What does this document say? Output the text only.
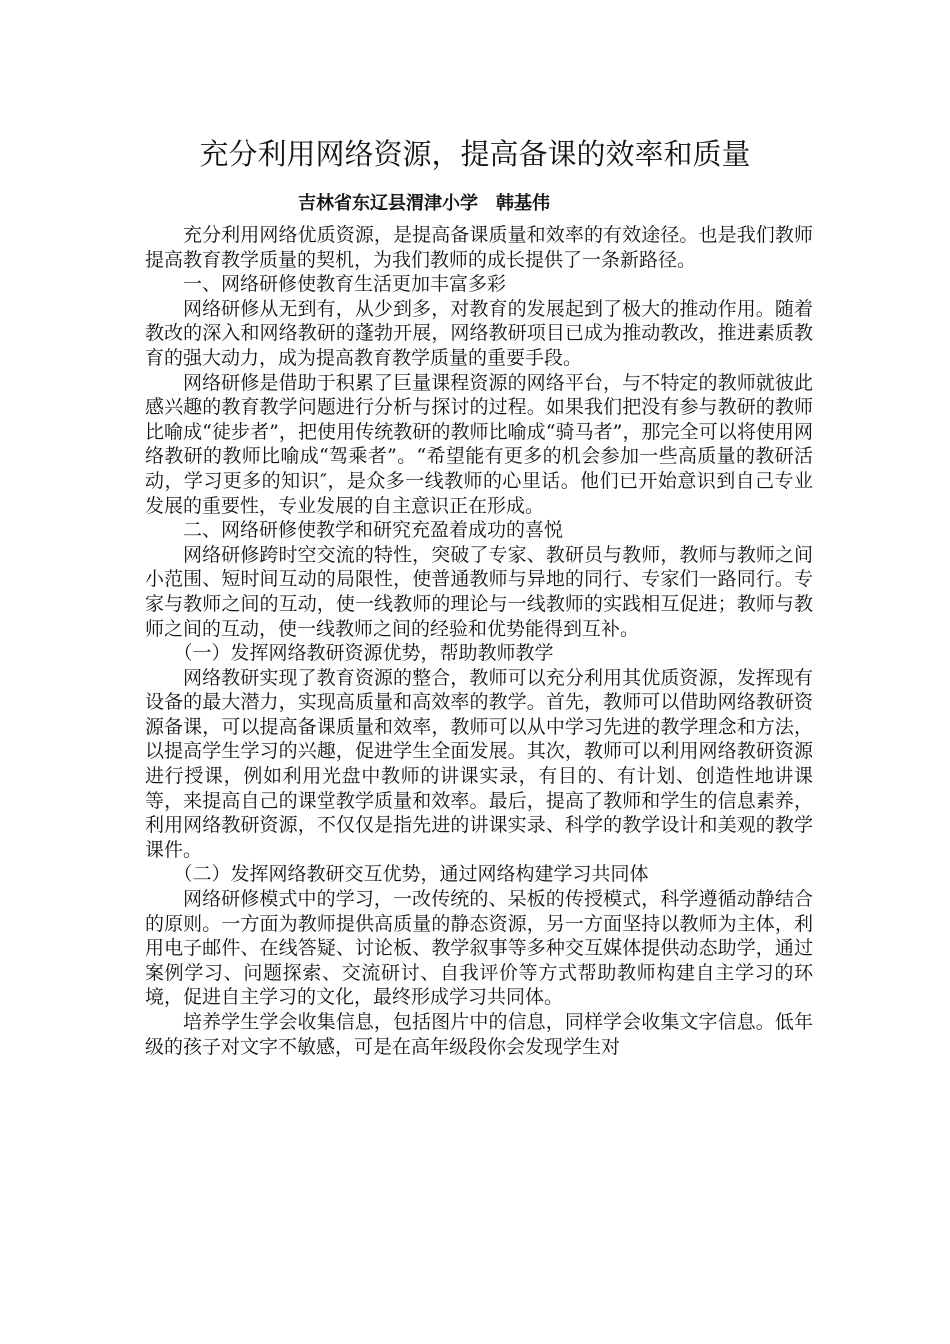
充分利用网络资源，提高备课的效率和质量
吉林省东辽县渭津小学　韩基伟

充分利用网络优质资源，是提高备课质量和效率的有效途径。也是我们教师提高教育教学质量的契机，为我们教师的成长提供了一条新路径。

一、网络研修使教育生活更加丰富多彩

网络研修从无到有，从少到多，对教育的发展起到了极大的推动作用。随着教改的深入和网络教研的蓬勃开展，网络教研项目已成为推动教改，推进素质教育的强大动力，成为提高教育教学质量的重要手段。

网络研修是借助于积累了巨量课程资源的网络平台，与不特定的教师就彼此感兴趣的教育教学问题进行分析与探讨的过程。如果我们把没有参与教研的教师比喻成“徒步者”，把使用传统教研的教师比喻成“骑马者”，那完全可以将使用网络教研的教师比喻成“驾乘者”。“希望能有更多的机会参加一些高质量的教研活动，学习更多的知识″，是众多一线教师的心里话。他们已开始意识到自己专业发展的重要性，专业发展的自主意识正在形成。

二、网络研修使教学和研究充盈着成功的喜悦

网络研修跨时空交流的特性，突破了专家、教研员与教师，教师与教师之间小范围、短时间互动的局限性，使普通教师与异地的同行、专家们一路同行。专家与教师之间的互动，使一线教师的理论与一线教师的实践相互促进；教师与教师之间的互动，使一线教师之间的经验和优势能得到互补。

（一）发挥网络教研资源优势，帮助教师教学

网络教研实现了教育资源的整合，教师可以充分利用其优质资源，发挥现有设备的最大潜力，实现高质量和高效率的教学。首先，教师可以借助网络教研资源备课，可以提高备课质量和效率，教师可以从中学习先进的教学理念和方法，以提高学生学习的兴趣，促进学生全面发展。其次，教师可以利用网络教研资源进行授课，例如利用光盘中教师的讲课实录，有目的、有计划、创造性地讲课等，来提高自己的课堂教学质量和效率。最后，提高了教师和学生的信息素养，利用网络教研资源，不仅仅是指先进的讲课实录、科学的教学设计和美观的教学课件。

（二）发挥网络教研交互优势，通过网络构建学习共同体

网络研修模式中的学习，一改传统的、呆板的传授模式，科学遵循动静结合的原则。一方面为教师提供高质量的静态资源，另一方面坚持以教师为主体，利用电子邮件、在线答疑、讨论板、教学叙事等多种交互媒体提供动态助学，通过案例学习、问题探索、交流研讨、自我评价等方式帮助教师构建自主学习的环境，促进自主学习的文化，最终形成学习共同体。

培养学生学会收集信息，包括图片中的信息，同样学会收集文字信息。低年级的孩子对文字不敏感，可是在高年级段你会发现学生对
